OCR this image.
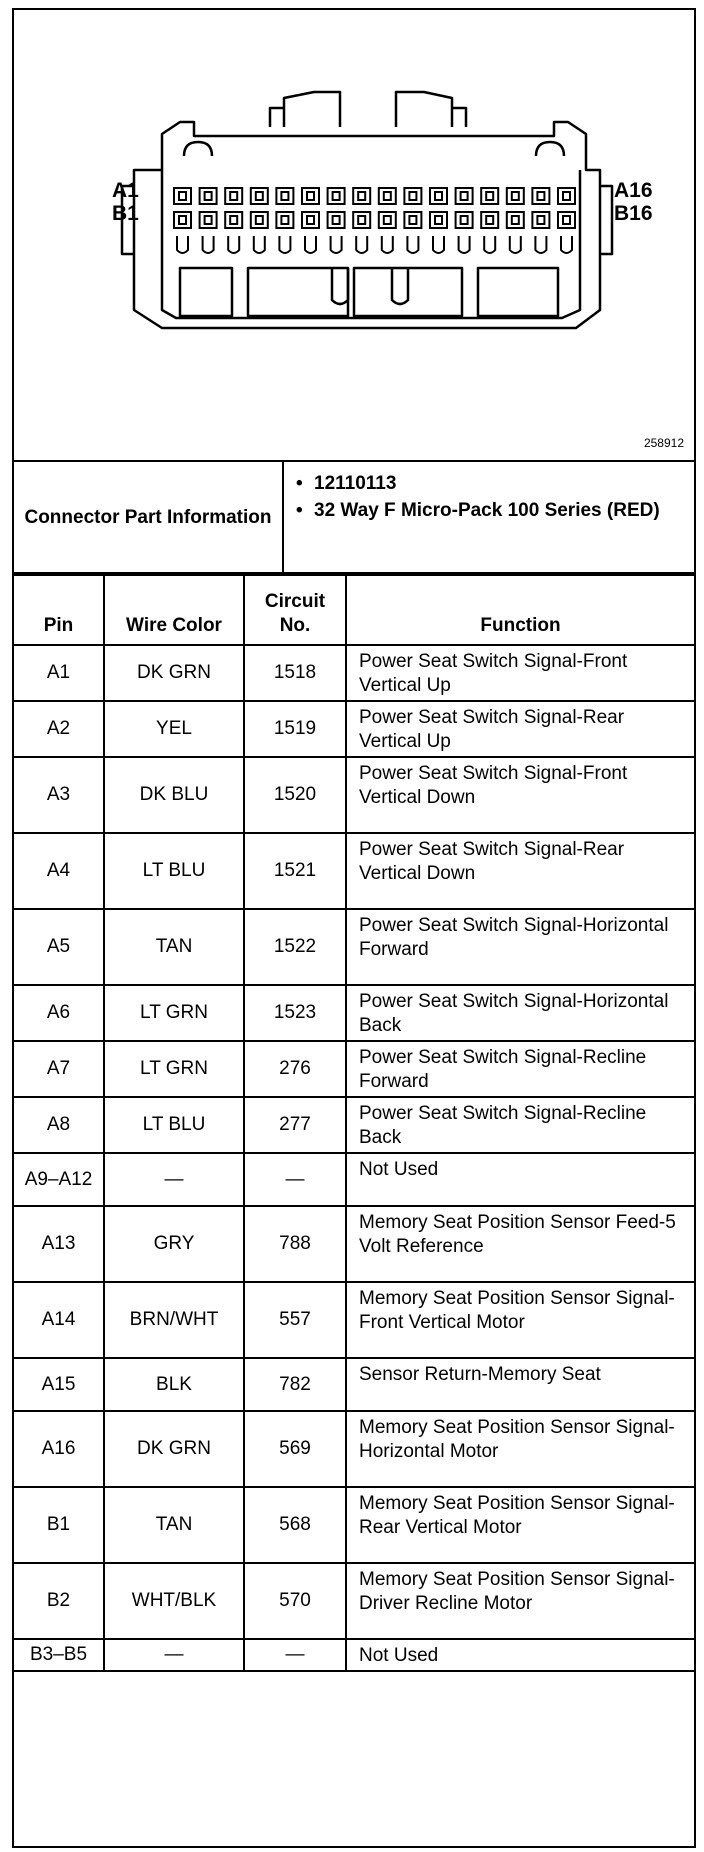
A1
B1
A16
B16
258912
Connector Part Information
• 12110113
• 32 Way F Micro-Pack 100 Series (RED)
Pin	Wire Color	Circuit No.	Function
A1	DK GRN	1518	Power Seat Switch Signal-Front Vertical Up
A2	YEL	1519	Power Seat Switch Signal-Rear Vertical Up
A3	DK BLU	1520	Power Seat Switch Signal-Front Vertical Down
A4	LT BLU	1521	Power Seat Switch Signal-Rear Vertical Down
A5	TAN	1522	Power Seat Switch Signal-Horizontal Forward
A6	LT GRN	1523	Power Seat Switch Signal-Horizontal Back
A7	LT GRN	276	Power Seat Switch Signal-Recline Forward
A8	LT BLU	277	Power Seat Switch Signal-Recline Back
A9–A12	—	—	Not Used
A13	GRY	788	Memory Seat Position Sensor Feed-5 Volt Reference
A14	BRN/WHT	557	Memory Seat Position Sensor Signal-Front Vertical Motor
A15	BLK	782	Sensor Return-Memory Seat
A16	DK GRN	569	Memory Seat Position Sensor Signal-Horizontal Motor
B1	TAN	568	Memory Seat Position Sensor Signal-Rear Vertical Motor
B2	WHT/BLK	570	Memory Seat Position Sensor Signal-Driver Recline Motor
B3–B5	—	—	Not Used
